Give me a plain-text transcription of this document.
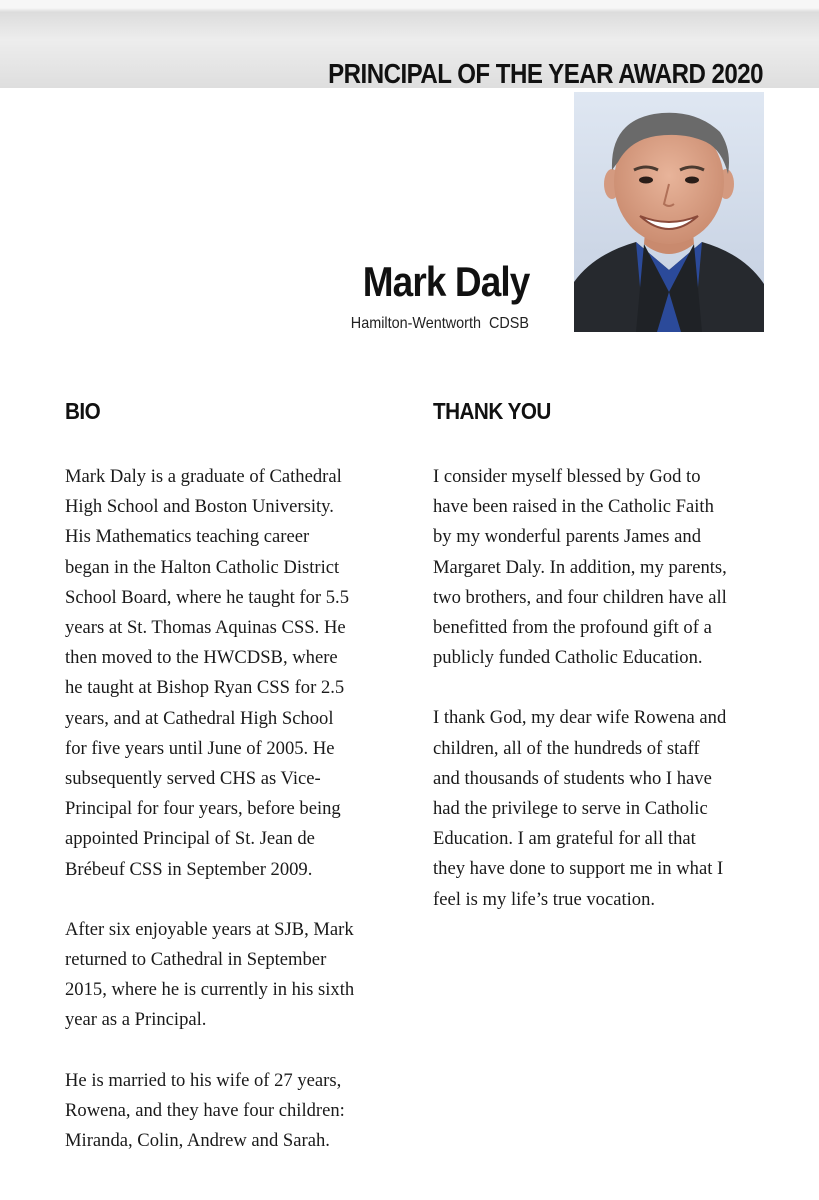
PRINCIPAL OF THE YEAR AWARD 2020
Mark Daly

Hamilton-Wentworth  CDSB

BIO

Mark Daly is a graduate of Cathedral
High School and Boston University.
His Mathematics teaching career
began in the Halton Catholic District
School Board, where he taught for 5.5
years at St. Thomas Aquinas CSS. He
then moved to the HWCDSB, where
he taught at Bishop Ryan CSS for 2.5
years, and at Cathedral High School
for five years until June of 2005. He
subsequently served CHS as Vice-
Principal for four years, before being
appointed Principal of St. Jean de
Brébeuf CSS in September 2009.

After six enjoyable years at SJB, Mark
returned to Cathedral in September
2015, where he is currently in his sixth
year as a Principal.

He is married to his wife of 27 years,
Rowena, and they have four children:
Miranda, Colin, Andrew and Sarah.

THANK YOU

I consider myself blessed by God to
have been raised in the Catholic Faith
by my wonderful parents James and
Margaret Daly. In addition, my parents,
two brothers, and four children have all
benefitted from the profound gift of a
publicly funded Catholic Education.

I thank God, my dear wife Rowena and
children, all of the hundreds of staff
and thousands of students who I have
had the privilege to serve in Catholic
Education. I am grateful for all that
they have done to support me in what I
feel is my life’s true vocation.
